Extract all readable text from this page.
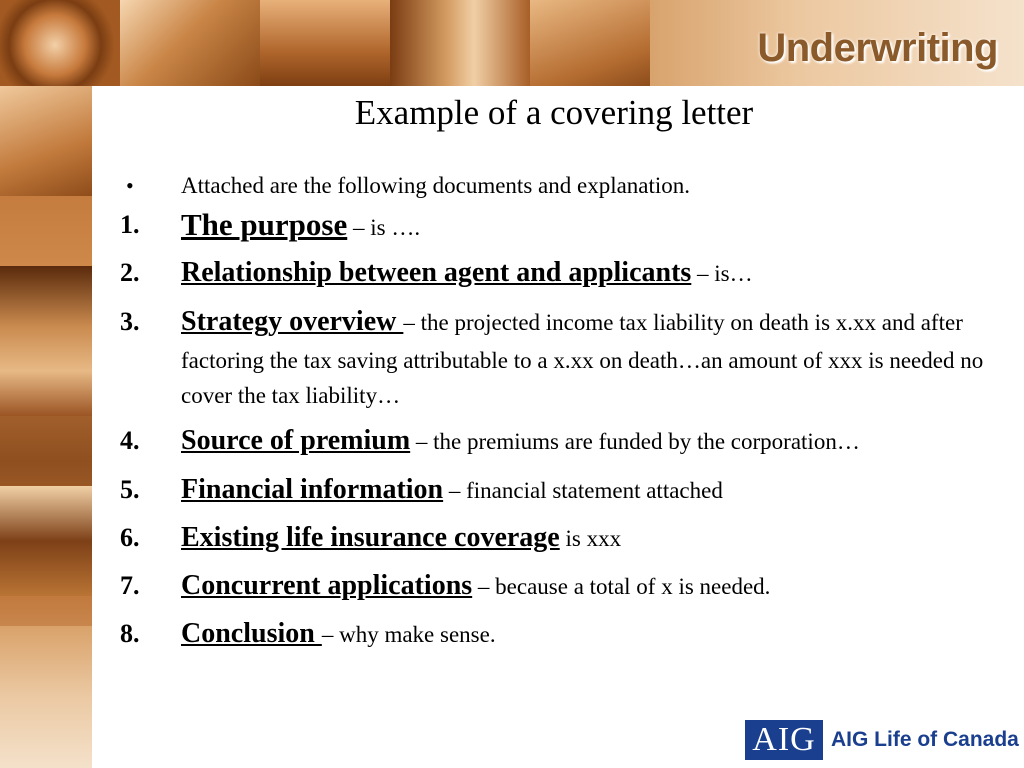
Underwriting
Example of a covering letter
• Attached are the following documents and explanation.
1. The purpose – is ….
2. Relationship between agent and applicants – is…
3. Strategy overview – the projected income tax liability on death is x.xx and after factoring the tax saving attributable to a x.xx on death…an amount of xxx is needed no cover the tax liability…
4. Source of premium – the premiums are funded by the corporation…
5. Financial information – financial statement attached
6. Existing life insurance coverage is xxx
7. Concurrent applications – because a total of x is needed.
8. Conclusion – why make sense.
AIG AIG Life of Canada
